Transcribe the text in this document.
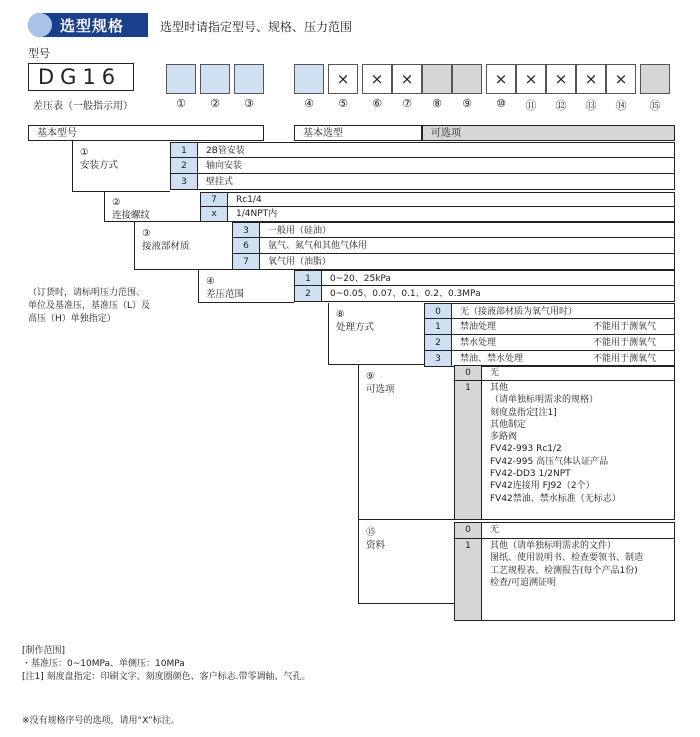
选型规格	选型时请指定型号、规格、压力范围
型号
DG16
差压表（一般指示用）	①	②	③	④
×
⑤
×
⑥
×
⑦	⑧	⑨
×
⑩
×
⑪
×
⑫
×
⑬
×
⑭	⑮
基本型号	基本选型	可选项
①
安装方式
1	2B管安装
2	轴向安装
3	壁挂式
②
连接螺纹
7	Rc1/4
x	1/4NPT内
③
接液部材质
3	一般用（硅油）
6	氩气、氮气和其他气体用
7	氧气用（油脂）
④
差压范围
1	0~20、25kPa
2	0~0.05、0.07、0.1、0.2、0.3MPa
（订货时，请标明压力范围、
单位及基准压，基准压（L）及
高压（H）单独指定）	⑧
处理方式
0	无（接液部材质为氧气用时）
1	禁油处理	不能用于测氧气
2	禁水处理	不能用于测氧气
3	禁油、禁水处理	不能用于测氧气
⑨
可选项
0	无
1	其他
（请单独标明需求的规格）
刻度盘指定[注1]
其他制定
多路阀
FV42-993 Rc1/2
FV42-995 高压气体认证产品
FV42-DD3 1/2NPT
FV42连接用 FJ92（2个）
FV42禁油、禁水标准（无标志）
⑮
资料
0	无
1	其他（请单独标明需求的文件）
图纸、使用说明书、检查要领书、制造
工艺规程表、检测报告(每个产品1份)
检查/可追溯证明
[制作范围]
・基准压：0~10MPa、单侧压：10MPa
[注1] 刻度盘指定：印刷文字、刻度圈颜色、客户标志.带零调轴、气孔。
※没有规格序号的选项，请用“X”标注。
